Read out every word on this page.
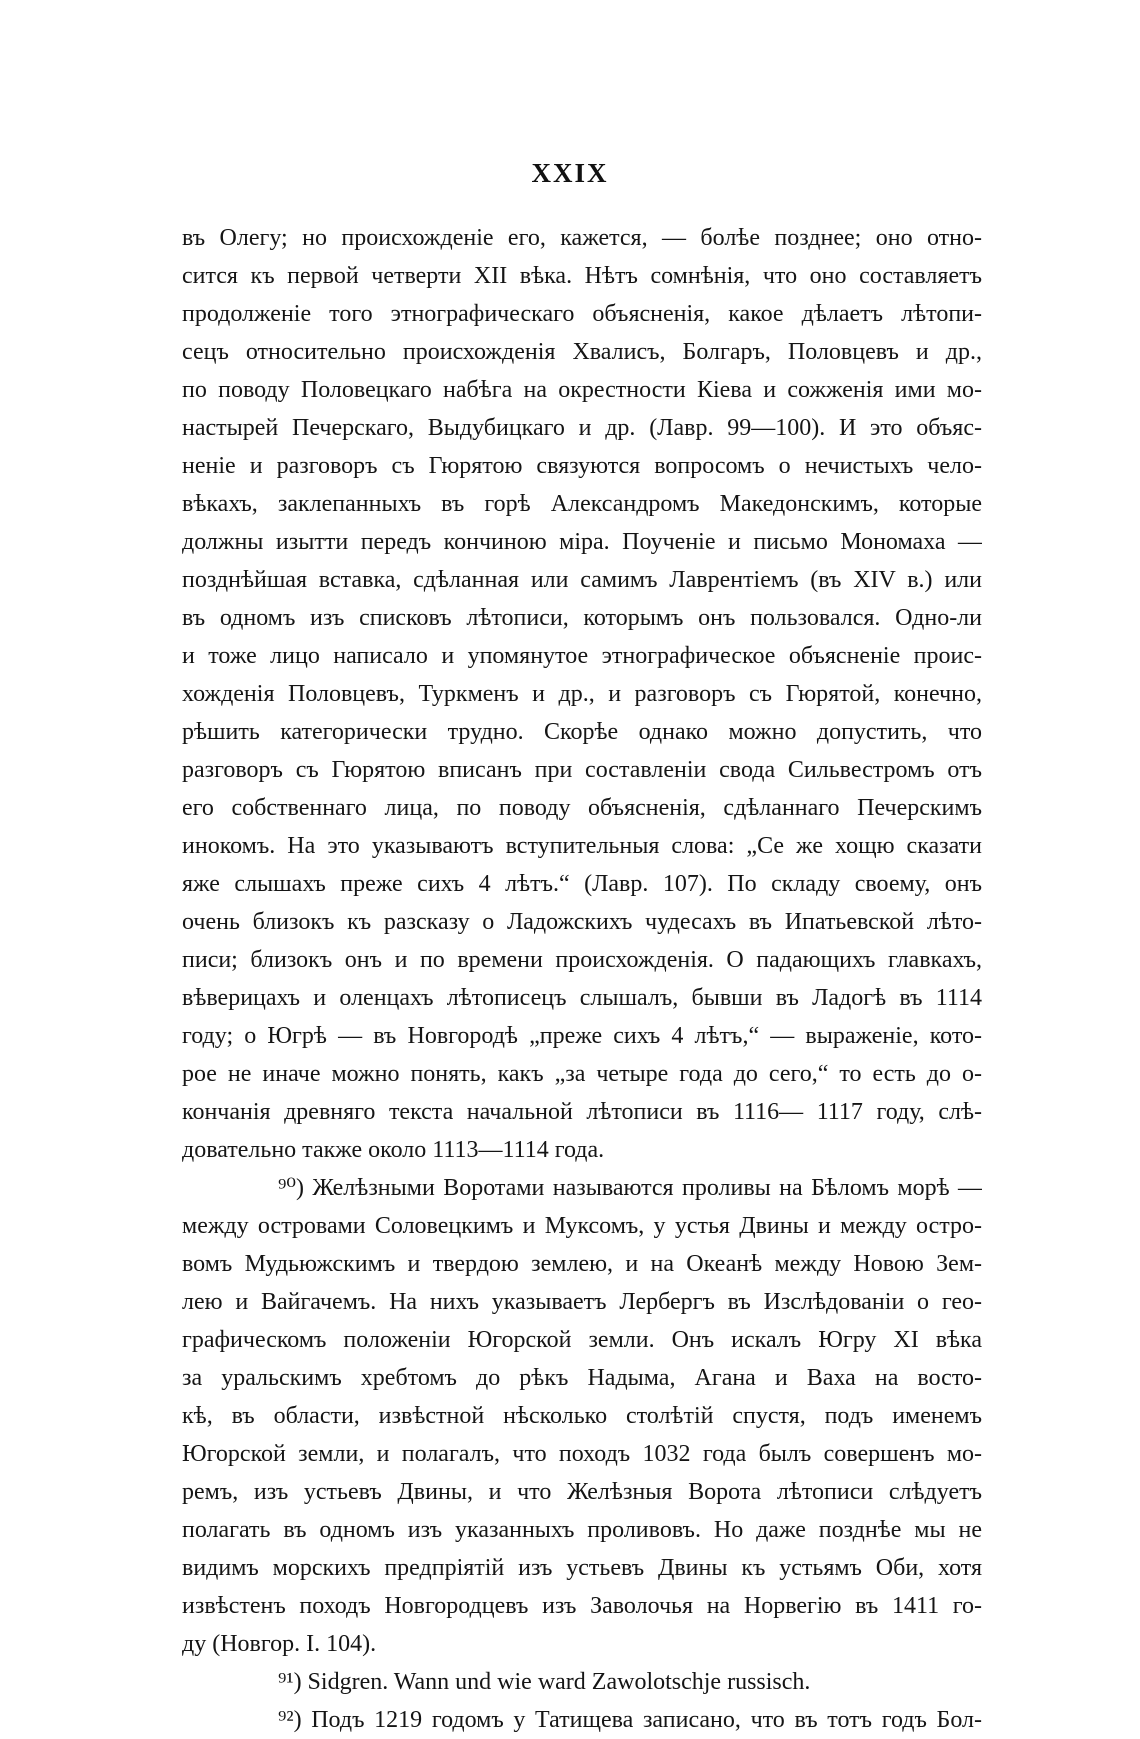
XXIX
въ Олегу; но происхожденіе его, кажется, — болѣе позднее; оно отно-
сится къ первой четверти XII вѣка. Нѣтъ сомнѣнія, что оно составляетъ
продолженіе того этнографическаго объясненія, какое дѣлаетъ лѣтопи-
сецъ относительно происхожденія Хвалисъ, Болгаръ, Половцевъ и др.,
по поводу Половецкаго набѣга на окрестности Кіева и сожженія ими мо-
настырей Печерскаго, Выдубицкаго и др. (Лавр. 99—100). И это объяс-
неніе и разговоръ съ Гюрятою связуются вопросомъ о нечистыхъ чело-
вѣкахъ, заклепанныхъ въ горѣ Александромъ Македонскимъ, которые
должны изытти передъ кончиною міра. Поученіе и письмо Мономаха —
позднѣйшая вставка, сдѣланная или самимъ Лаврентіемъ (въ XIV в.) или
въ одномъ изъ списковъ лѣтописи, которымъ онъ пользовался. Одно-ли
и тоже лицо написало и упомянутое этнографическое объясненіе проис-
хожденія Половцевъ, Туркменъ и др., и разговоръ съ Гюрятой, конечно,
рѣшить категорически трудно. Скорѣе однако можно допустить, что
разговоръ съ Гюрятою вписанъ при составленіи свода Сильвестромъ отъ
его собственнаго лица, по поводу объясненія, сдѣланнаго Печерскимъ
инокомъ. На это указываютъ вступительныя слова: „Се же хощю сказати
яже слышахъ преже сихъ 4 лѣтъ.“ (Лавр. 107). По складу своему, онъ
очень близокъ къ разсказу о Ладожскихъ чудесахъ въ Ипатьевской лѣто-
писи; близокъ онъ и по времени происхожденія. О падающихъ главкахъ,
вѣверицахъ и оленцахъ лѣтописецъ слышалъ, бывши въ Ладогѣ въ 1114
году; о Югрѣ — въ Новгородѣ „преже сихъ 4 лѣтъ,“ — выраженіе, кото-
рое не иначе можно понять, какъ „за четыре года до сего,“ то есть до о-
кончанія древняго текста начальной лѣтописи въ 1116— 1117 году, слѣ-
довательно также около 1113—1114 года.
⁹⁰) Желѣзными Воротами называются проливы на Бѣломъ морѣ —
между островами Соловецкимъ и Муксомъ, у устья Двины и между остро-
вомъ Мудьюжскимъ и твердою землею, и на Океанѣ между Новою Зем-
лею и Вайгачемъ. На нихъ указываетъ Лербергъ въ Изслѣдованіи о гео-
графическомъ положеніи Югорской земли. Онъ искалъ Югру XI вѣка
за уральскимъ хребтомъ до рѣкъ Надыма, Агана и Ваха на восто-
кѣ, въ области, извѣстной нѣсколько столѣтій спустя, подъ именемъ
Югорской земли, и полагалъ, что походъ 1032 года былъ совершенъ мо-
ремъ, изъ устьевъ Двины, и что Желѣзныя Ворота лѣтописи слѣдуетъ
полагать въ одномъ изъ указанныхъ проливовъ. Но даже позднѣе мы не
видимъ морскихъ предпріятій изъ устьевъ Двины къ устьямъ Оби, хотя
извѣстенъ походъ Новгородцевъ изъ Заволочья на Норвегію въ 1411 го-
ду (Новгор. I. 104).
⁹¹) Sidgren. Wann und wie ward Zawolotschje russisch.
⁹²) Подъ 1219 годомъ у Татищева записано, что въ тотъ годъ Бол-
